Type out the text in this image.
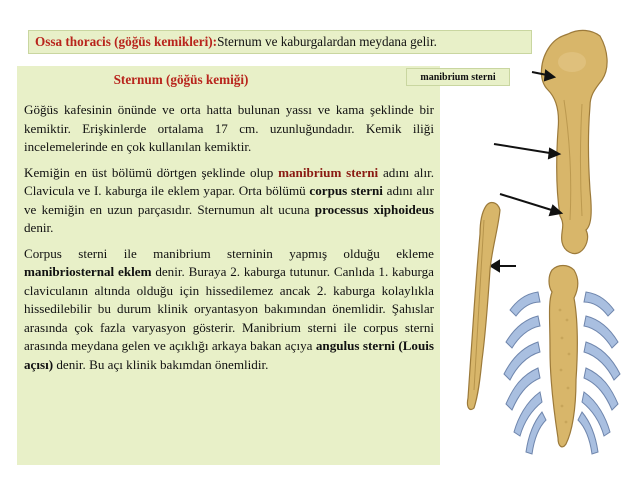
Ossa thoracis (göğüs kemikleri): Sternum ve kaburgalardan meydana gelir.
Sternum (göğüs kemiği)

Göğüs kafesinin önünde ve orta hatta bulunan yassı ve kama şeklinde bir kemiktir. Erişkinlerde ortalama 17 cm. uzunluğundadır. Kemik iliği incelemelerinde en çok kullanılan kemiktir.

Kemiğin en üst bölümü dörtgen şeklinde olup manibrium sterni adını alır. Clavicula ve I. kaburga ile eklem yapar. Orta bölümü corpus sterni adını alır ve kemiğin en uzun parçasıdır. Sternumun alt ucuna processus xiphoideus denir.

Corpus sterni ile manibrium sterninin yapmış olduğu ekleme manibriosternal eklem denir. Buraya 2. kaburga tutunur. Canlıda 1. kaburga claviculanın altında olduğu için hissedilemez ancak 2. kaburga kolaylıkla hissedilebilir bu durum klinik oryantasyon bakımından önemlidir. Şahıslar arasında çok fazla varyasyon gösterir. Manibrium sterni ile corpus sterni arasında meydana gelen ve açıklığı arkaya bakan açıya angulus sterni (Louis açısı) denir. Bu açı klinik bakımdan önemlidir.

manibrium sterni
